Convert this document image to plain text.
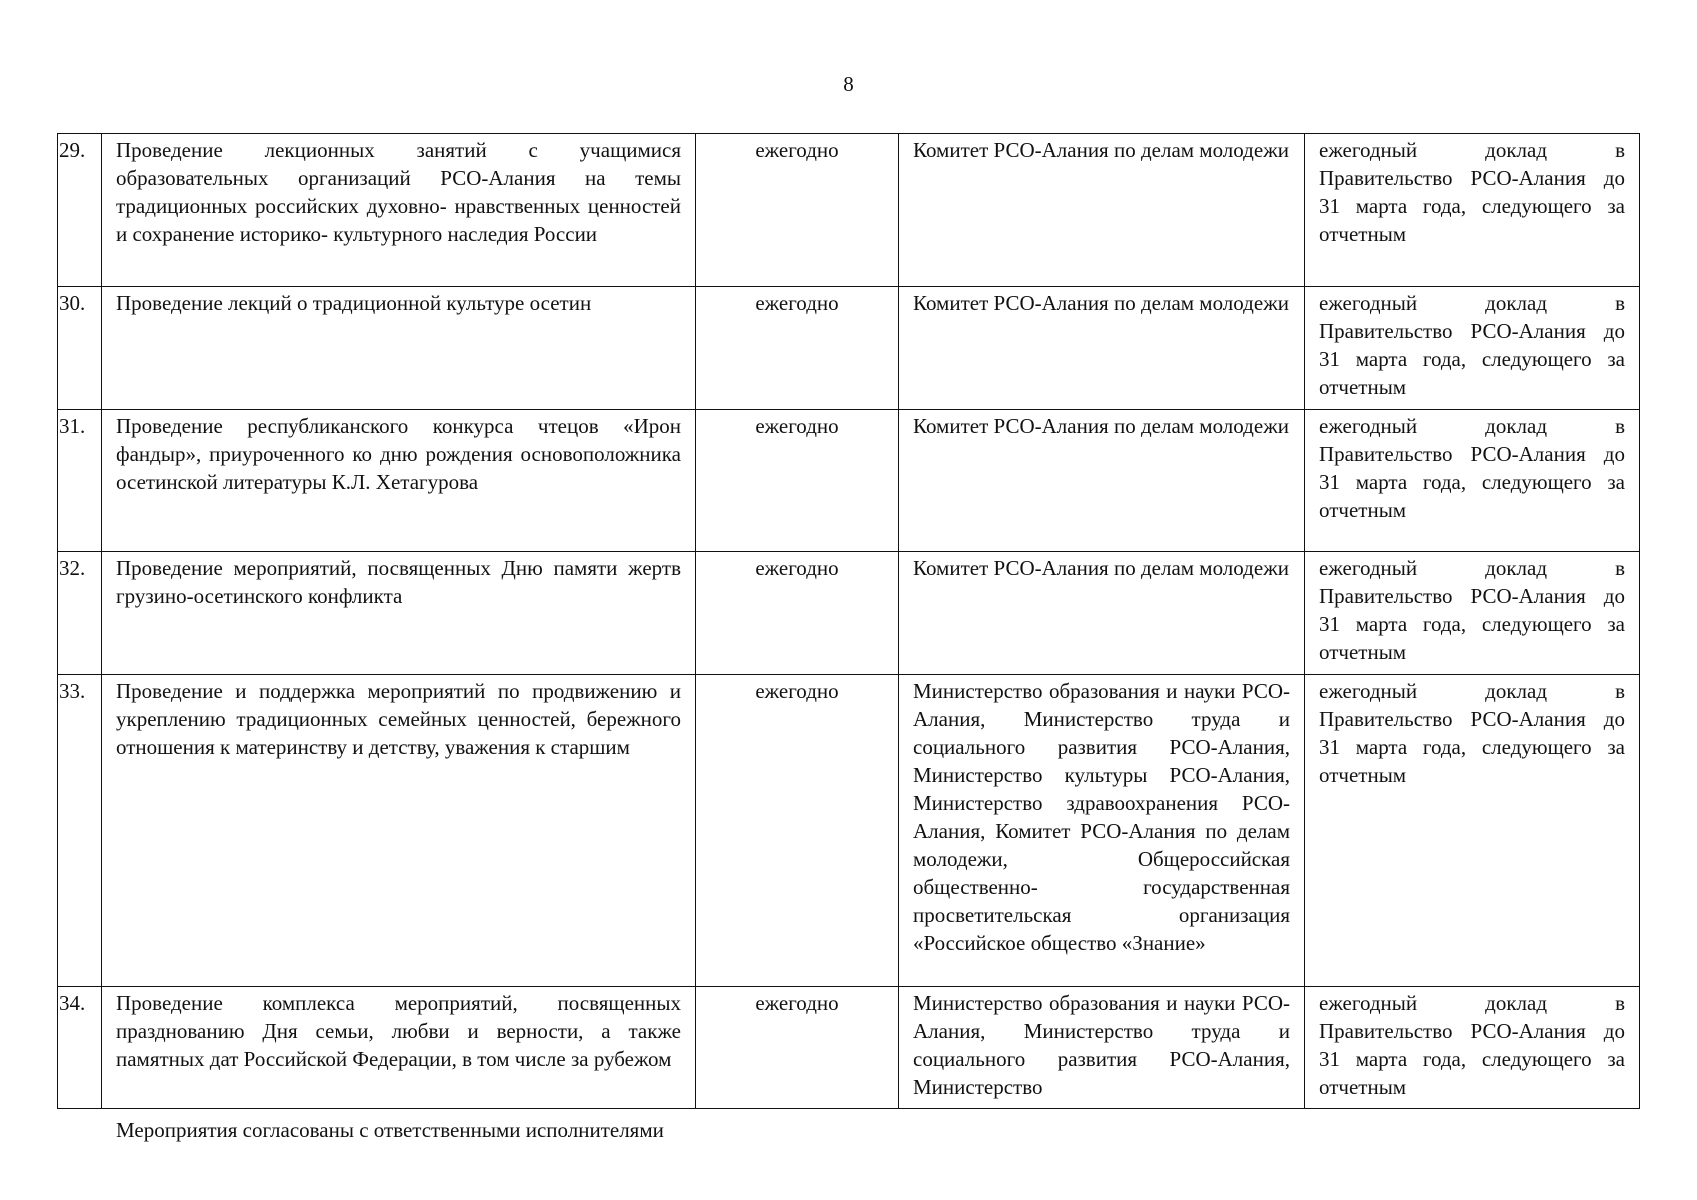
8
29.	Проведение лекционных занятий с учащимися образовательных организаций РСО-Алания на темы традиционных российских духовно- нравственных ценностей и сохранение историко- культурного наследия России	ежегодно	Комитет РСО-Алания по делам молодежи	ежегодный доклад в Правительство РСО-Алания до 31 марта года, следующего за отчетным
30.	Проведение лекций о традиционной культуре осетин	ежегодно	Комитет РСО-Алания по делам молодежи	ежегодный доклад в Правительство РСО-Алания до 31 марта года, следующего за отчетным
31.	Проведение республиканского конкурса чтецов «Ирон фандыр», приуроченного ко дню рождения основоположника осетинской литературы К.Л. Хетагурова	ежегодно	Комитет РСО-Алания по делам молодежи	ежегодный доклад в Правительство РСО-Алания до 31 марта года, следующего за отчетным
32.	Проведение мероприятий, посвященных Дню памяти жертв грузино-осетинского конфликта	ежегодно	Комитет РСО-Алания по делам молодежи	ежегодный доклад в Правительство РСО-Алания до 31 марта года, следующего за отчетным
33.	Проведение и поддержка мероприятий по продвижению и укреплению традиционных семейных ценностей, бережного отношения к материнству и детству, уважения к старшим	ежегодно	Министерство образования и науки РСО-Алания, Министерство труда и социального развития РСО-Алания, Министерство культуры РСО-Алания, Министерство здравоохранения РСО-Алания, Комитет РСО-Алания по делам молодежи, Общероссийская общественно- государственная просветительская организация «Российское общество «Знание»	ежегодный доклад в Правительство РСО-Алания до 31 марта года, следующего за отчетным
34.	Проведение комплекса мероприятий, посвященных празднованию Дня семьи, любви и верности, а также памятных дат Российской Федерации, в том числе за рубежом	ежегодно	Министерство образования и науки РСО-Алания, Министерство труда и социального развития РСО-Алания, Министерство	ежегодный доклад в Правительство РСО-Алания до 31 марта года, следующего за отчетным
Мероприятия согласованы с ответственными исполнителями
